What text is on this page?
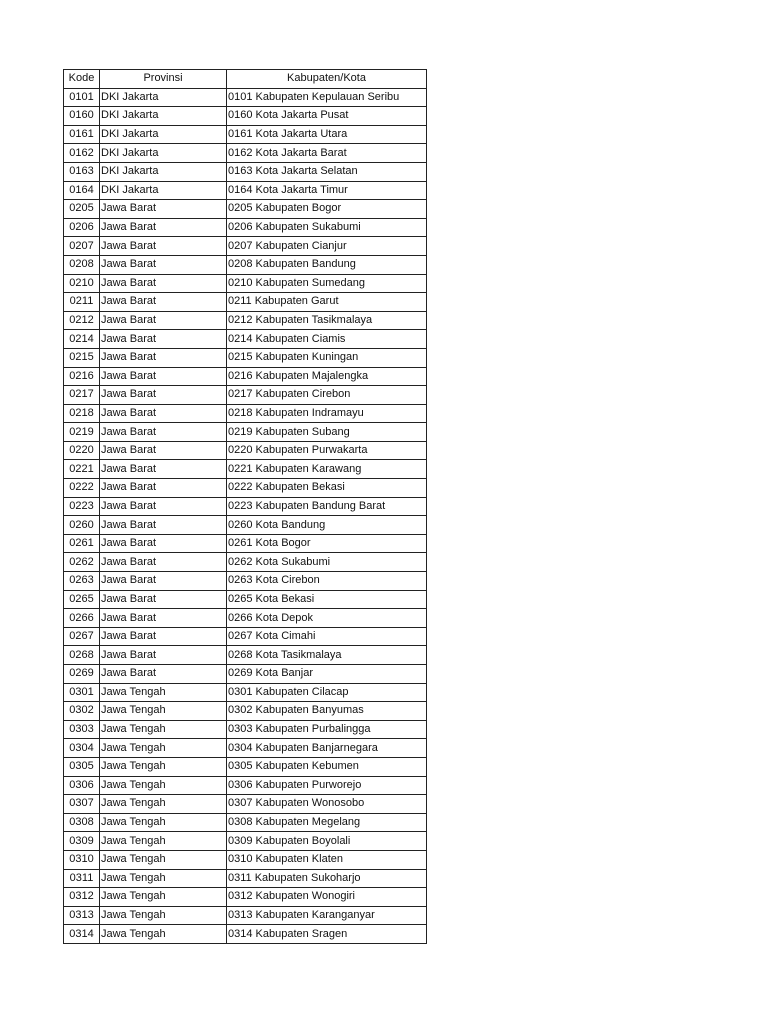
Kode	Provinsi	Kabupaten/Kota
0101	DKI Jakarta	0101 Kabupaten Kepulauan Seribu
0160	DKI Jakarta	0160 Kota Jakarta Pusat
0161	DKI Jakarta	0161 Kota Jakarta Utara
0162	DKI Jakarta	0162 Kota Jakarta Barat
0163	DKI Jakarta	0163 Kota Jakarta Selatan
0164	DKI Jakarta	0164 Kota Jakarta Timur
0205	Jawa Barat	0205 Kabupaten Bogor
0206	Jawa Barat	0206 Kabupaten Sukabumi
0207	Jawa Barat	0207 Kabupaten Cianjur
0208	Jawa Barat	0208 Kabupaten Bandung
0210	Jawa Barat	0210 Kabupaten Sumedang
0211	Jawa Barat	0211 Kabupaten Garut
0212	Jawa Barat	0212 Kabupaten Tasikmalaya
0214	Jawa Barat	0214 Kabupaten Ciamis
0215	Jawa Barat	0215 Kabupaten Kuningan
0216	Jawa Barat	0216 Kabupaten Majalengka
0217	Jawa Barat	0217 Kabupaten Cirebon
0218	Jawa Barat	0218 Kabupaten Indramayu
0219	Jawa Barat	0219 Kabupaten Subang
0220	Jawa Barat	0220 Kabupaten Purwakarta
0221	Jawa Barat	0221 Kabupaten Karawang
0222	Jawa Barat	0222 Kabupaten Bekasi
0223	Jawa Barat	0223 Kabupaten Bandung Barat
0260	Jawa Barat	0260 Kota Bandung
0261	Jawa Barat	0261 Kota Bogor
0262	Jawa Barat	0262 Kota Sukabumi
0263	Jawa Barat	0263 Kota Cirebon
0265	Jawa Barat	0265 Kota Bekasi
0266	Jawa Barat	0266 Kota Depok
0267	Jawa Barat	0267 Kota Cimahi
0268	Jawa Barat	0268 Kota Tasikmalaya
0269	Jawa Barat	0269 Kota Banjar
0301	Jawa Tengah	0301 Kabupaten Cilacap
0302	Jawa Tengah	0302 Kabupaten Banyumas
0303	Jawa Tengah	0303 Kabupaten Purbalingga
0304	Jawa Tengah	0304 Kabupaten Banjarnegara
0305	Jawa Tengah	0305 Kabupaten Kebumen
0306	Jawa Tengah	0306 Kabupaten Purworejo
0307	Jawa Tengah	0307 Kabupaten Wonosobo
0308	Jawa Tengah	0308 Kabupaten Megelang
0309	Jawa Tengah	0309 Kabupaten Boyolali
0310	Jawa Tengah	0310 Kabupaten Klaten
0311	Jawa Tengah	0311 Kabupaten Sukoharjo
0312	Jawa Tengah	0312 Kabupaten Wonogiri
0313	Jawa Tengah	0313 Kabupaten Karanganyar
0314	Jawa Tengah	0314 Kabupaten Sragen
